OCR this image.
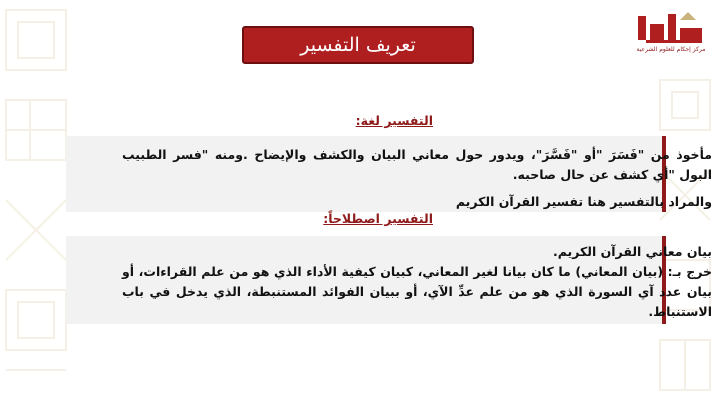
مركز إحكام للعلوم الشرعية
تعريف التفسير
التفسير لغة:

مأخوذ من "فَسَرَ "أو "فَسَّرَ"، ويدور حول معاني البيان والكشف والإيضاح .ومنه "فسر الطبيب البول "أي كشف عن حال صاحبه.

والمراد بالتفسير هنا تفسير القرآن الكريم

التفسير اصطلاحاً:

بيان معاني القرآن الكريم.

خرج بـ: (بيان المعاني) ما كان بيانا لغير المعاني، كبيان كيفية الأداء الذي هو من علم القراءات، أو بيان عدد آي السورة الذي هو من علم عدِّ الآي، أو ببيان الفوائد المستنبطة، الذي يدخل في باب الاستنباط.
